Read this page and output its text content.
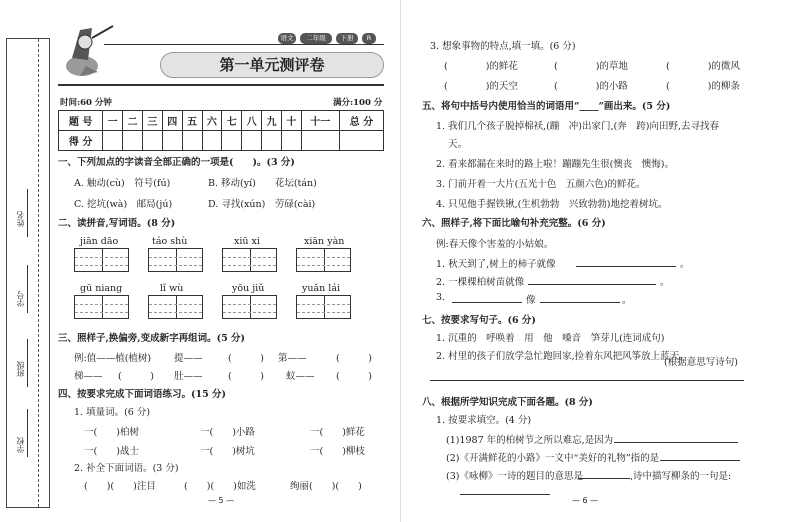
姓名
学号
班级
学校
语文	二年级	下册	R
第一单元测评卷
时间:60 分钟	满分:100 分
题 号	一	二	三	四	五	六	七	八	九	十	十一	总 分
得 分												
一、下列加点的字读音全部正确的一项是(　　)。(3 分)
A. 触动(cù)　符号(fú)	B. 移动(yí)　　花坛(tán)
C. 挖坑(wà)　邮局(jú)	D. 寻找(xún)　劳碌(cài)
二、读拼音,写词语。(8 分)
jiān dāo	táo shù	xiū xi	xiān yàn
gū niang	lǐ wù	yōu jiǔ	yuǎn lái
三、照样子,换偏旁,变成新字再组词。(5 分)
例:值——植(植树) 提——	(　　　) 第——	(　　　)
梯—— (　　　) 肚——	(　　　) 蚁—— (　　　)
四、按要求完成下面词语练习。(15 分)
1. 填量词。(6 分)
一(　　)柏树	一(　　)小路	一(　　)鲜花
一(　　)战士	一(　　)树坑	一(　　)柳枝
2. 补全下面词语。(3 分)
(　　)(　　)注目	(　　)(　　)如洗	绚丽(　　)(　　)
— 5 —
3. 想象事物的特点,填一填。(6 分)
(　　　　)的鲜花	(　　　　)的草地	(　　　　)的微风
(　　　　)的天空	(　　　　)的小路	(　　　　)的柳条
五、将句中括号内使用恰当的词语用“____”画出来。(5 分)
1. 我们几个孩子脱掉棉袄,(蹦　冲)出家门,(奔　跨)向田野,去寻找春
天。
2. 看来都漏在来时的路上啦！蹦蹦先生很(懊丧　懊悔)。
3. 门前开着一大片(五光十色　五颜六色)的鲜花。
4. 只见他手握铁锹,(生机勃勃　兴致勃勃)地挖着树坑。
六、照样子,将下面比喻句补充完整。(6 分)
例:春天像个害羞的小姑娘。
1. 秋天到了,树上的柿子就像	。
2. 一棵棵柏树苗就像	。
3.	像	。
七、按要求写句子。(6 分)
1. 沉重的　呼唤着　用　他　嗓音　笋芽儿(连词成句)
2. 村里的孩子们放学急忙跑回家,捡着东风把风筝放上蓝天。
(根据意思写诗句)
八、根据所学知识完成下面各题。(8 分)
1. 按要求填空。(4 分)
(1)1987 年的柏树节之所以难忘,是因为
(2)《开满鲜花的小路》一文中“美好的礼物”指的是
(3)《咏柳》一诗的题目的意思是	,诗中描写柳条的一句是:
— 6 —
